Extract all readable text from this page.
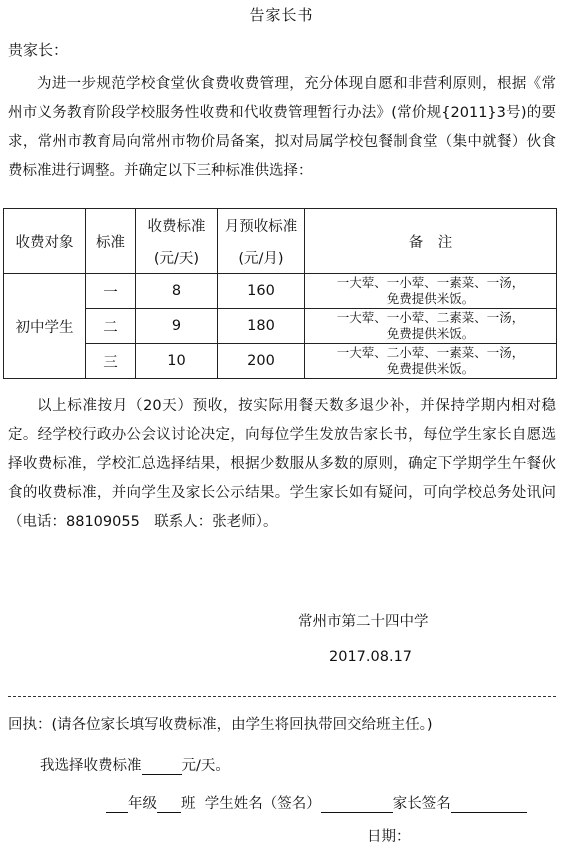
告家长书
贵家长：
为进一步规范学校食堂伙食费收费管理，充分体现自愿和非营利原则，根据《常州市义务教育阶段学校服务性收费和代收费管理暂行办法》(常价规{2011}3号)的要求，常州市教育局向常州市物价局备案，拟对局属学校包餐制食堂（集中就餐）伙食费标准进行调整。并确定以下三种标准供选择：
收费对象	标准	收费标准	月预收标准	备　注
		(元/天)	(元/月)	
初中学生	一	8	160	一大荤、一小荤、一素菜、一汤，
免费提供米饭。

	二	9	180	一大荤、一小荤、二素菜、一汤，
免费提供米饭。

	三	10	200	一大荤、二小荤、一素菜、一汤，
免费提供米饭。
以上标准按月（20天）预收，按实际用餐天数多退少补，并保持学期内相对稳定。经学校行政办公会议讨论决定，向每位学生发放告家长书，每位学生家长自愿选择收费标准，学校汇总选择结果，根据少数服从多数的原则，确定下学期学生午餐伙食的收费标准，并向学生及家长公示结果。学生家长如有疑问，可向学校总务处讯问（电话：88109055　联系人：张老师）。
常州市第二十四中学
2017.08.17
回执：(请各位家长填写收费标准，由学生将回执带回交给班主任。)
我选择收费标准	元/天。
年级 班 学生姓名（签名）	家长签名
日期：
